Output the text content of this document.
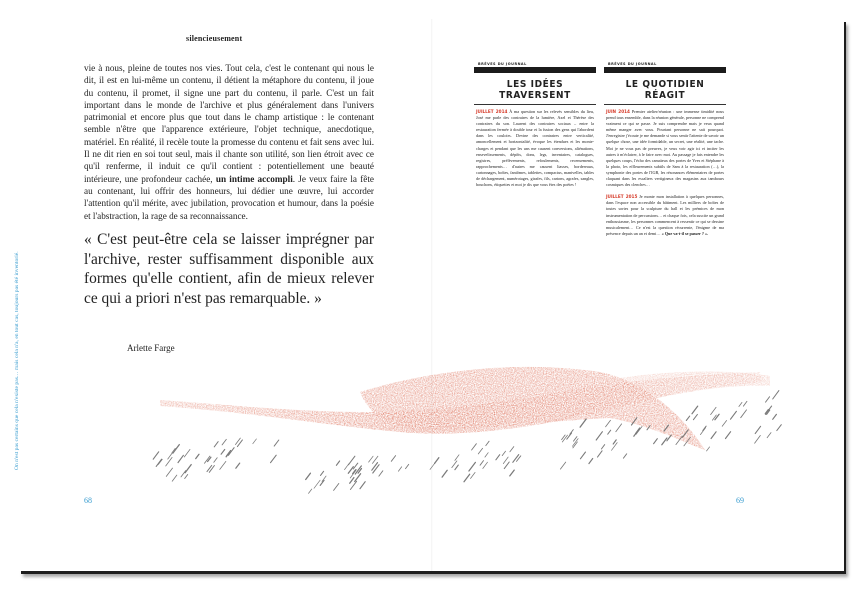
silencieusement
On n'est pas certains que cela n'existe pas… mais cela n'a, en tout cas, toujours pas été inventorié.

vie à nous, pleine de toutes nos vies. Tout cela, c'est le contenant qui nous le dit, il est en lui-même un contenu, il détient la métaphore du contenu, il joue du contenu, il promet, il signe une part du contenu, il parle. C'est un fait important dans le monde de l'archive et plus généralement dans l'univers patrimonial et encore plus que tout dans le champ artistique : le contenant semble n'être que l'apparence extérieure, l'objet technique, anecdotique, matériel. En réalité, il recèle toute la promesse du contenu et fait sens avec lui. Il ne dit rien en soi tout seul, mais il chante son utilité, son lien étroit avec ce qu'il renferme, il induit ce qu'il contient : potentiellement une beauté intérieure, une profondeur cachée, un intime accompli. Je veux faire la fête au contenant, lui offrir des honneurs, lui dédier une œuvre, lui accorder l'attention qu'il mérite, avec jubilation, provocation et humour, dans la poésie et l'abstraction, la rage de sa reconnaissance.

« C'est peut-être cela se laisser imprégner par l'archive, rester suffisamment disponible aux formes qu'elle contient, afin de mieux relever ce qui a priori n'est pas remarquable. »

Arlette Farge
68	69
BRÈVES DU JOURNAL
LES IDÉES TRAVERSENT
JUILLET 2014 À ma question sur les relevés sensibles du lieu, José me parle des contraires de la lumière, Axel et Thérèse des contraires du son. Laurent des contraires sociaux – entre la restauration fermée à double tour et la fusion des gens qui l'abordent dans les couloirs. Devine des contraires entre verticalité, amoncellement et horizontalité, évoque les étendues et les monte-charges et pendant que les uns me causent conversions, aliénations, ensevelissements, dépôts, dons, legs, inventaires, catalogues, registres, prélèvements, refoulements, recensements, rapprochements… d'autres me causent liasses, bordereaux, cartonnages, boîtes, fantômes, tablettes, compactus, manivelles, tables de déchargement, numérotages, girafes, fils, cartons, agrafes, sangles, bouchons, étiquettes et moi je dis que vous êtes des poètes !
BRÈVES DU JOURNAL
LE QUOTIDIEN RÉAGIT
JUIN 2014 Premier atelier/réunion : une immense timidité nous prend tous ensemble, dans la réunion générale, personne ne comprend vraiment ce qui se passe. Je suis comprendre mais je veux quand même manger avec vous. Pourtant personne ne sait pourquoi. J'enregistre j'écoute je me demande si vous sentir l'attente de savoir un quelque chose, une idée formidable, un secret, une réalité, une tache. Moi je ne vous pas de preuves, je veux voir agir ici et inciter les autres à m'éclairer, à le faire avec moi. Au passage je fais entendre les quelques coups, l'écho des camaïeux des portes de Yves et Stéphane à la photo, les effleurements subtils de Sam à la restauration (…), la symphonie des portes de l'IGB, les résonances élémentaires de portes claquant dans les escaliers vertigineux des magasins aux tambours cosmiques des clenches…
JUILLET 2015 Je monte mon installation à quelques personnes, dans l'espace non accessible du bâtiment. Les milliers de boîtes de toutes sortes pour la sculpture du hall et les prémices de mon instrumentation de percussions… et chaque fois, cela suscite un grand enthousiasme, les personnes commencent à ressentir ce qui se dessine musicalement… Ce n'est la question récurrente, l'énigme de ma présence depuis un an et demi… « Que va-t-il se passer ? ».
